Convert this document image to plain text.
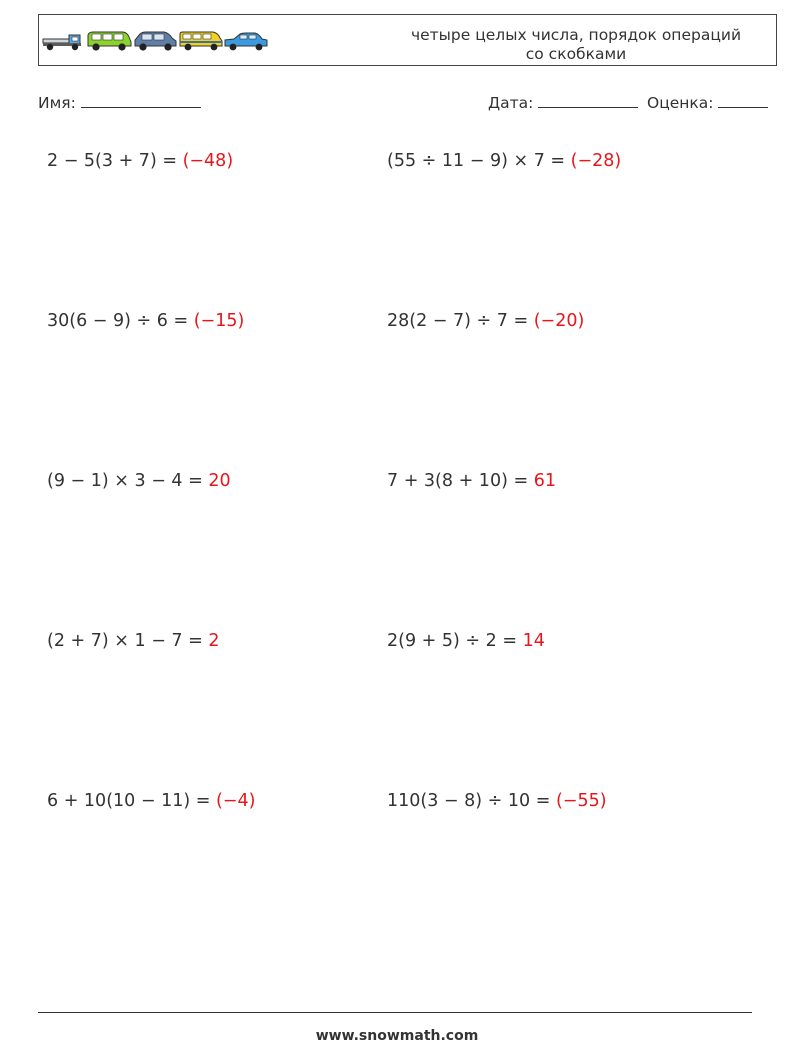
четыре целых числа, порядок операций
со скобками
Имя:	Дата:	Оценка:
2 − 5(3 + 7) = (−48)	(55 ÷ 11 − 9) × 7 = (−28)
30(6 − 9) ÷ 6 = (−15)	28(2 − 7) ÷ 7 = (−20)
(9 − 1) × 3 − 4 = 20	7 + 3(8 + 10) = 61
(2 + 7) × 1 − 7 = 2	2(9 + 5) ÷ 2 = 14
6 + 10(10 − 11) = (−4)	110(3 − 8) ÷ 10 = (−55)
www.snowmath.com
